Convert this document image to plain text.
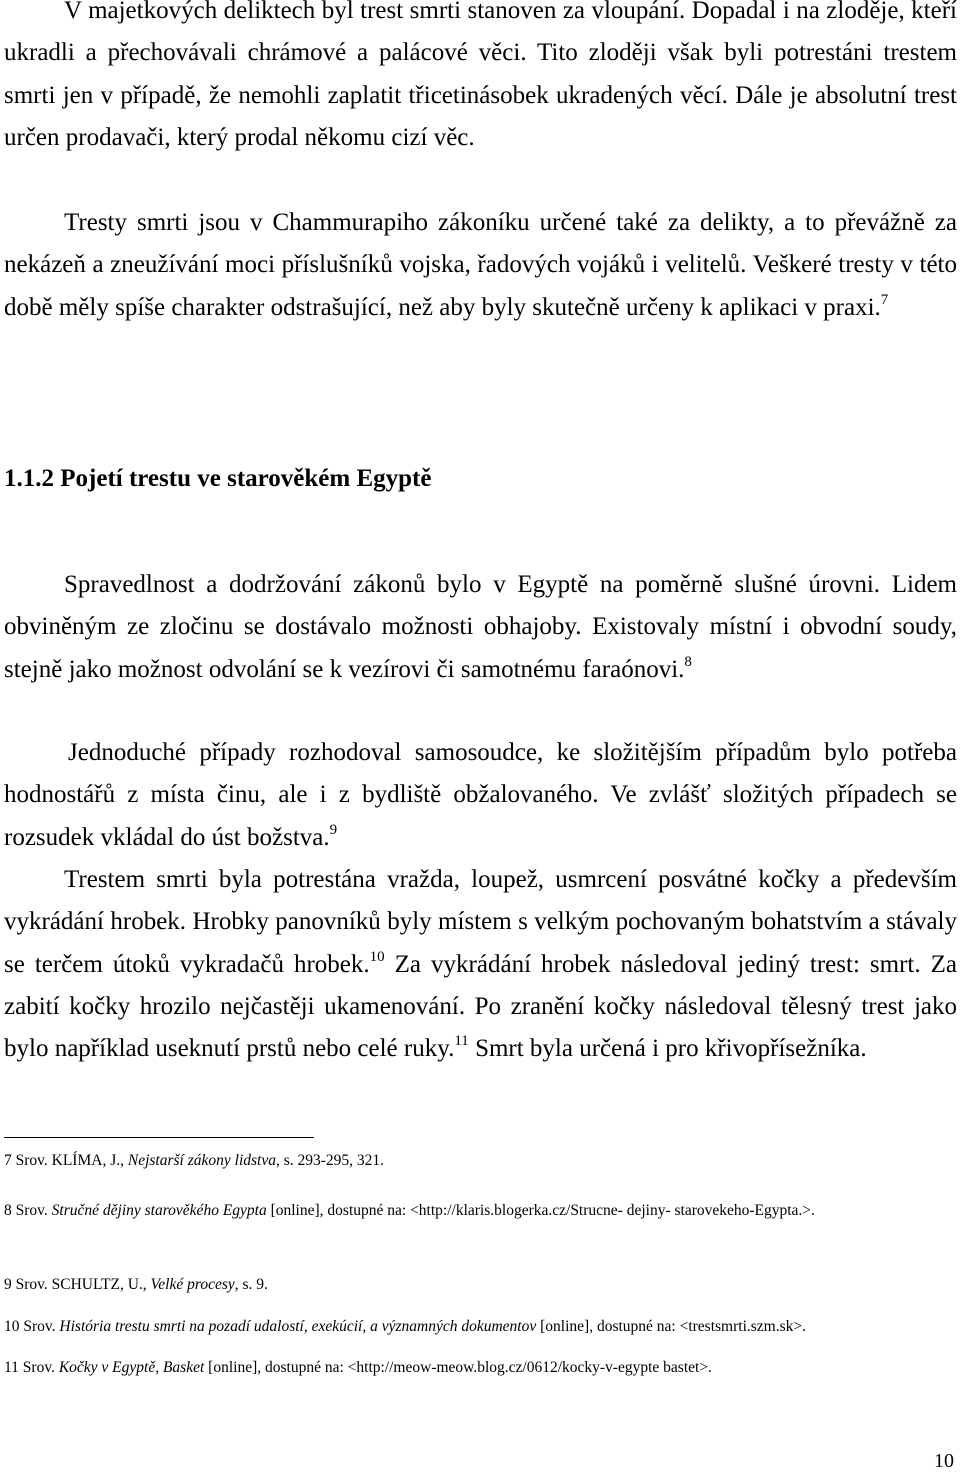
V majetkových deliktech byl trest smrti stanoven za vloupání. Dopadal i na zloděje, kteří ukradli a přechovávali chrámové a palácové věci. Tito zloději však byli potrestáni trestem smrti jen v případě, že nemohli zaplatit třicetinásobek ukradených věcí. Dále je absolutní trest určen prodavači, který prodal někomu cizí věc.

Tresty smrti jsou v Chammurapiho zákoníku určené také za delikty, a to převážně za nekázeň a zneužívání moci příslušníků vojska, řadových vojáků i velitelů. Veškeré tresty v této době měly spíše charakter odstrašující, než aby byly skutečně určeny k aplikaci v praxi.$^7$

1.1.2 Pojetí trestu ve starověkém Egyptě

Spravedlnost a dodržování zákonů bylo v Egyptě na poměrně slušné úrovni. Lidem obviněným ze zločinu se dostávalo možnosti obhajoby. Existovaly místní i obvodní soudy, stejně jako možnost odvolání se k vezírovi či samotnému faraónovi.$^8$

Jednoduché případy rozhodoval samosoudce, ke složitějším případům bylo potřeba hodnostářů z místa činu, ale i z bydliště obžalovaného. Ve zvlášť složitých případech se rozsudek vkládal do úst božstva.$^9$

Trestem smrti byla potrestána vražda, loupež, usmrcení posvátné kočky a především vykrádání hrobek. Hrobky panovníků byly místem s velkým pochovaným bohatstvím a stávaly se terčem útoků vykradačů hrobek.$^{10}$ Za vykrádání hrobek následoval jediný trest: smrt. Za zabití kočky hrozilo nejčastěji ukamenování. Po zranění kočky následoval tělesný trest jako bylo například useknutí prstů nebo celé ruky.$^{11}$ Smrt byla určená i pro křivopřísežníka.

7 Srov. KLÍMA, J., Nejstarší zákony lidstva, s. 293-295, 321.

8 Srov. Stručné dějiny starověkého Egypta [online], dostupné na: <http://klaris.blogerka.cz/Strucne- dejiny- starovekeho-Egypta.>.

9 Srov. SCHULTZ, U., Velké procesy, s. 9.

10 Srov. História trestu smrti na pozadí udalostí, exekúcií, a významných dokumentov [online], dostupné na: <trestsmrti.szm.sk>.

11 Srov. Kočky v Egyptě, Basket [online], dostupné na: <http://meow-meow.blog.cz/0612/kocky-v-egypte bastet>.

10
